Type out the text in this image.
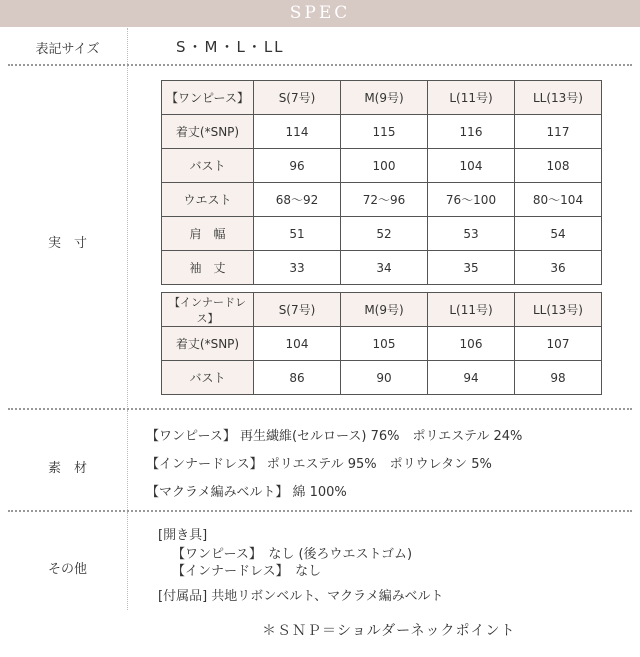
SPEC
表記サイズ	S・M・L・LL
実　寸
【ワンピース】	S(7号)	M(9号)	L(11号)	LL(13号)
着丈(*SNP)	114	115	116	117
バスト	96	100	104	108
ウエスト	68～92	72～96	76～100	80～104
肩　幅	51	52	53	54
袖　丈	33	34	35	36
【インナードレス】	S(7号)	M(9号)	L(11号)	LL(13号)
着丈(*SNP)	104	105	106	107
バスト	86	90	94	98
素　材
【ワンピース】 再生繊維(セルロース) 76%　ポリエステル 24%
【インナードレス】 ポリエステル 95%　ポリウレタン 5%
【マクラメ編みベルト】 綿 100%
その他
[開き具]
【ワンピース】　なし (後ろウエストゴム)
【インナードレス】　なし
[付属品] 共地リボンベルト、マクラメ編みベルト
＊ＳＮＰ＝ショルダーネックポイント
